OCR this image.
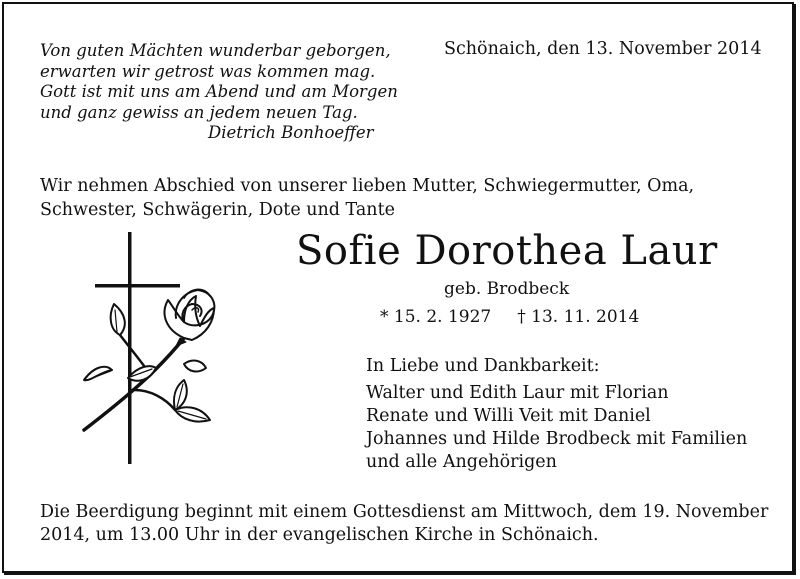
Von guten Mächten wunderbar geborgen,
erwarten wir getrost was kommen mag.
Gott ist mit uns am Abend und am Morgen
und ganz gewiss an jedem neuen Tag.
Dietrich Bonhoeffer
Schönaich, den 13. November 2014
Wir nehmen Abschied von unserer lieben Mutter, Schwiegermutter, Oma,
Schwester, Schwägerin, Dote und Tante
Sofie Dorothea Laur
geb. Brodbeck
* 15. 2. 1927 † 13. 11. 2014
In Liebe und Dankbarkeit:
Walter und Edith Laur mit Florian
Renate und Willi Veit mit Daniel
Johannes und Hilde Brodbeck mit Familien
und alle Angehörigen
Die Beerdigung beginnt mit einem Gottesdienst am Mittwoch, dem 19. November
2014, um 13.00 Uhr in der evangelischen Kirche in Schönaich.
